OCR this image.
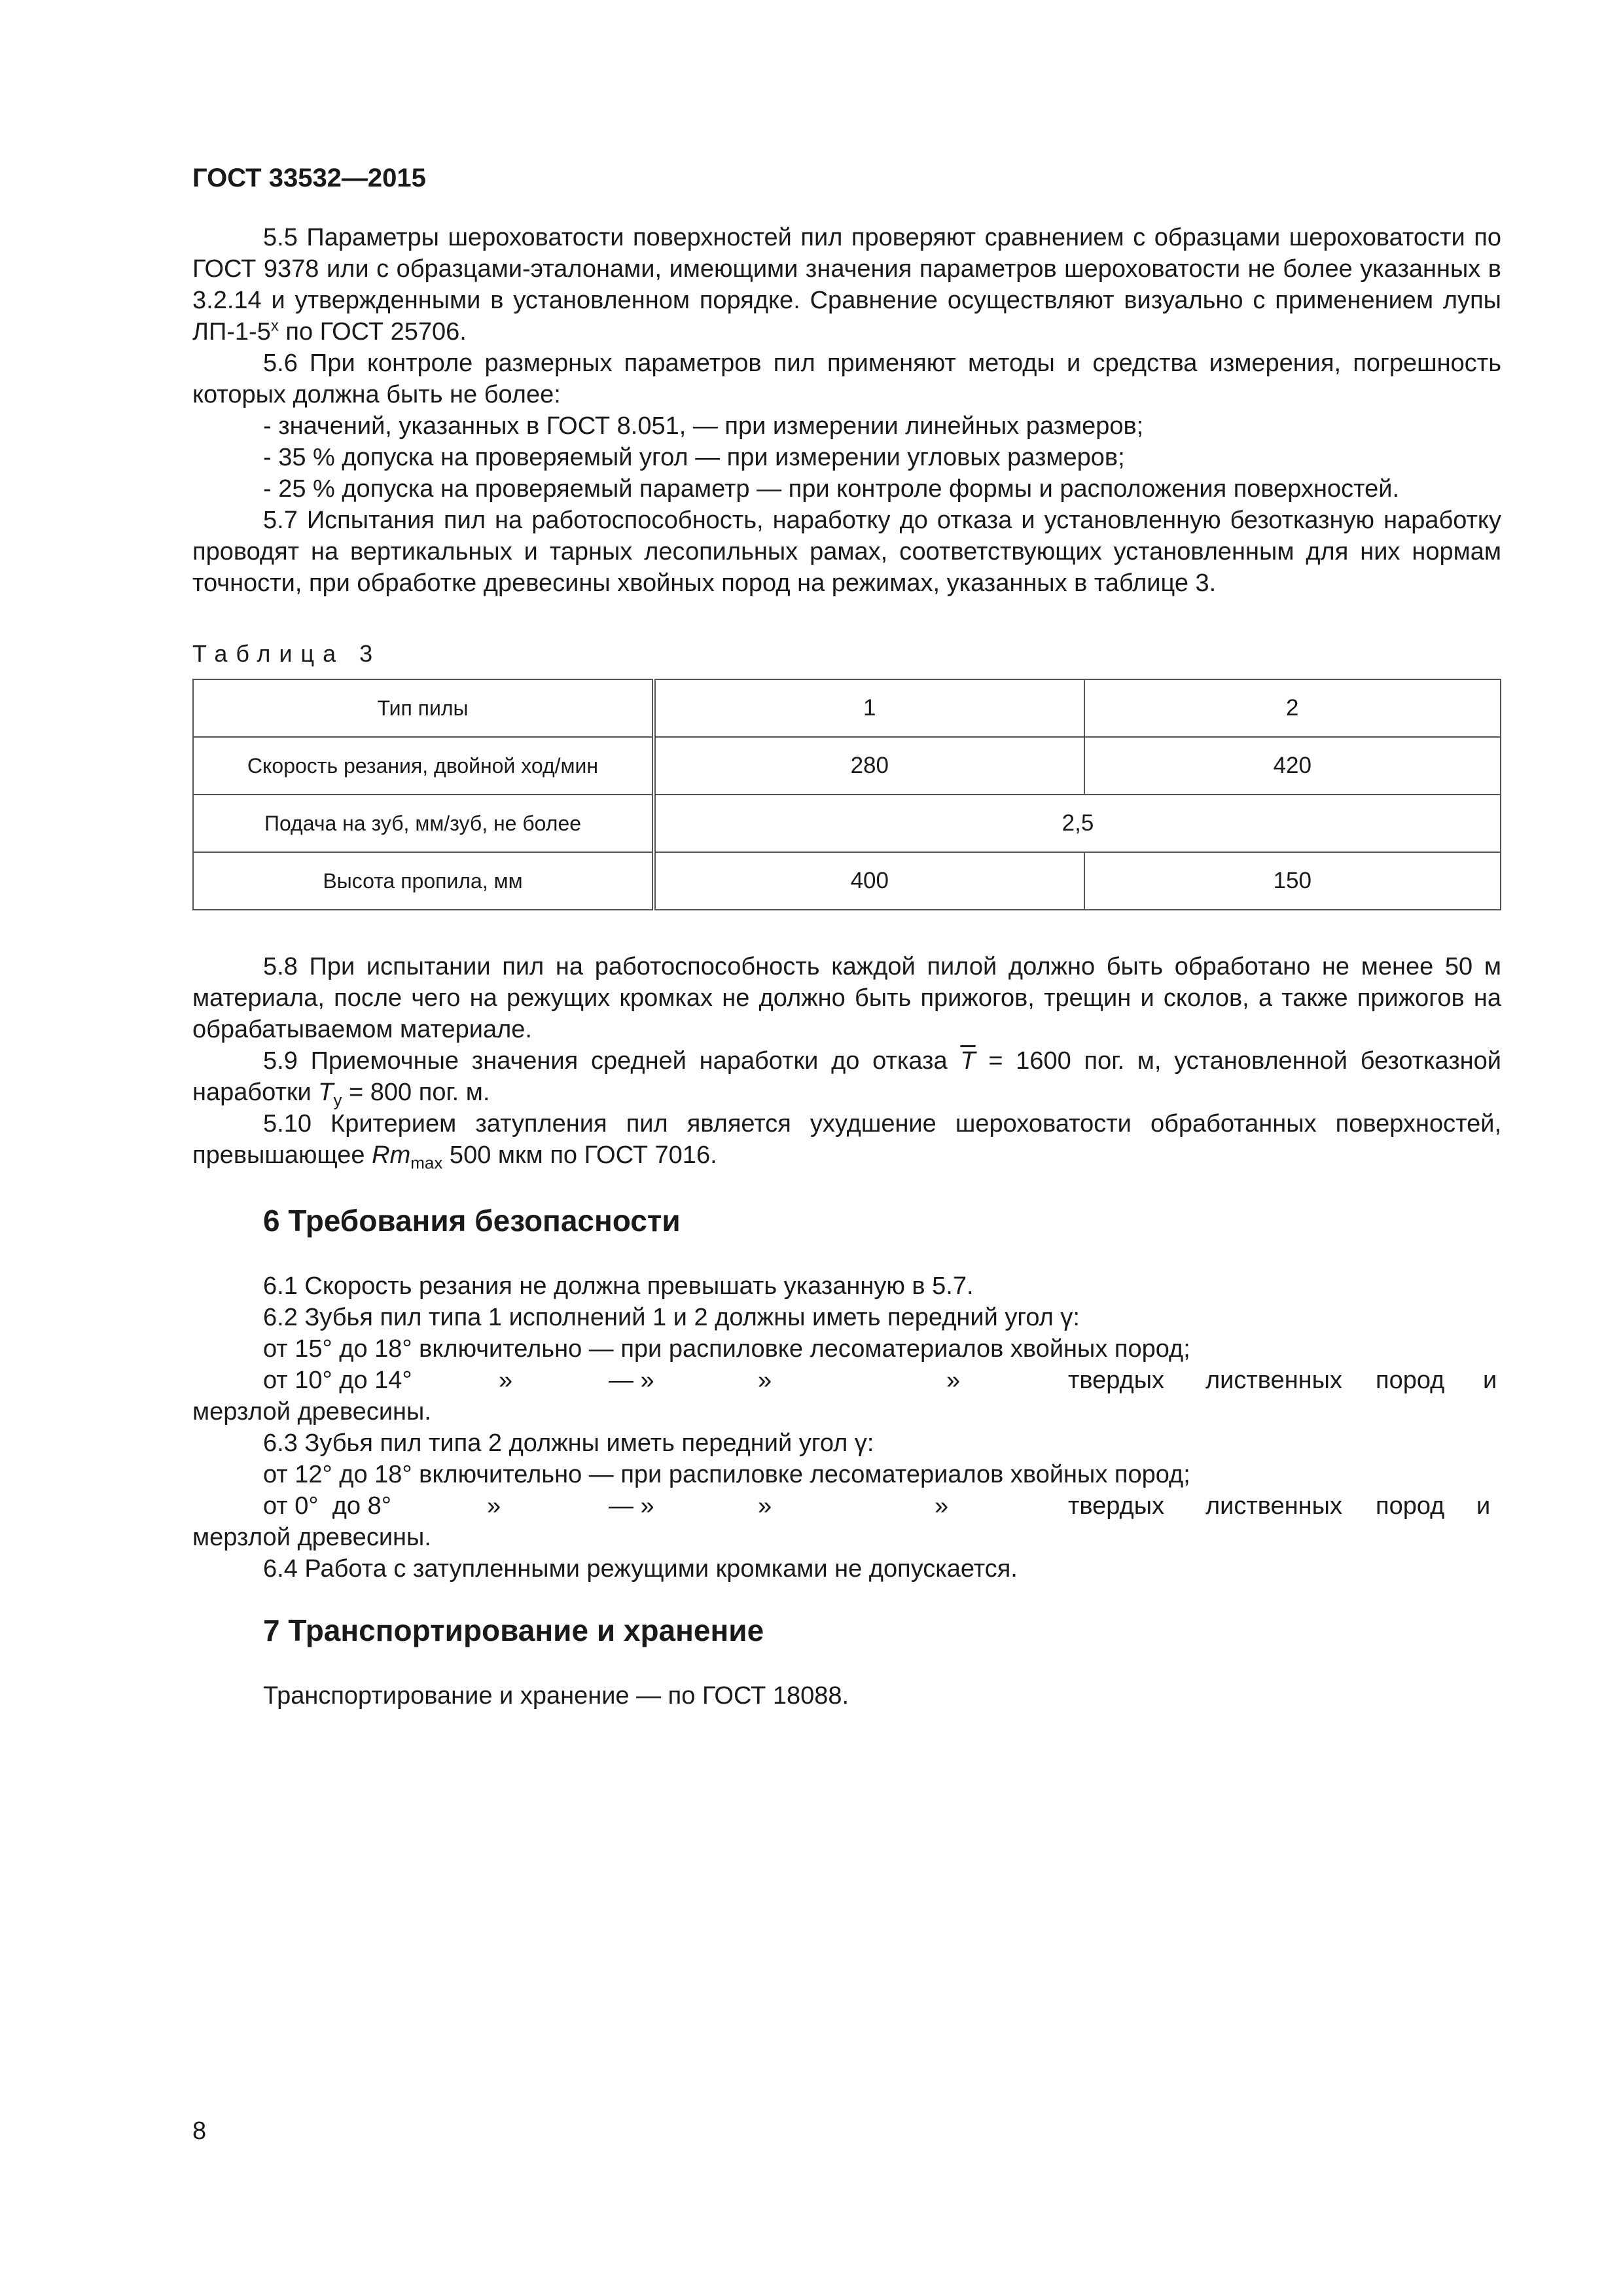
ГОСТ 33532—2015

5.5 Параметры шероховатости поверхностей пил проверяют сравнением с образцами шероховатости по ГОСТ 9378 или с образцами-эталонами, имеющими значения параметров шероховатости не более указанных в 3.2.14 и утвержденными в установленном порядке. Сравнение осуществляют визуально с применением лупы $ЛП-1-5^х$ по ГОСТ 25706.

5.6 При контроле размерных параметров пил применяют методы и средства измерения, погрешность которых должна быть не более:

- значений, указанных в ГОСТ 8.051, — при измерении линейных размеров;
- 35 % допуска на проверяемый угол — при измерении угловых размеров;
- 25 % допуска на проверяемый параметр — при контроле формы и расположения поверхностей.

5.7 Испытания пил на работоспособность, наработку до отказа и установленную безотказную наработку проводят на вертикальных и тарных лесопильных рамах, соответствующих установленным для них нормам точности, при обработке древесины хвойных пород на режимах, указанных в таблице 3.

Таблица 3
Тип пилы	1	2
Скорость резания, двойной ход/мин	280	420
Подача на зуб, мм/зуб, не более	2,5	
Высота пропила, мм	400	150

5.8 При испытании пил на работоспособность каждой пилой должно быть обработано не менее 50 м материала, после чего на режущих кромках не должно быть прижогов, трещин и сколов, а также прижогов на обрабатываемом материале.

5.9 Приемочные значения средней наработки до отказа $\overline{T} = 1600$ пог. м, установленной безотказной наработки $T_у = 800$ пог. м.

5.10 Критерием затупления пил является ухудшение шероховатости обработанных поверхностей, превышающее $Rm_{max}$ 500 мкм по ГОСТ 7016.

6 Требования безопасности
6.1 Скорость резания не должна превышать указанную в 5.7.
6.2 Зубья пил типа 1 исполнений 1 и 2 должны иметь передний угол γ:
от 15° до 18° включительно — при распиловке лесоматериалов хвойных пород;
от 10° до 14°	»	— »	»	»	твердых лиственных пород и
мерзлой древесины.
6.3 Зубья пил типа 2 должны иметь передний угол γ:
от 12° до 18° включительно — при распиловке лесоматериалов хвойных пород;
от 0°  до 8°	»	— »	»	»	твердых лиственных пород и
мерзлой древесины.
6.4 Работа с затупленными режущими кромками не допускается.
7 Транспортирование и хранение
Транспортирование и хранение — по ГОСТ 18088.
8
